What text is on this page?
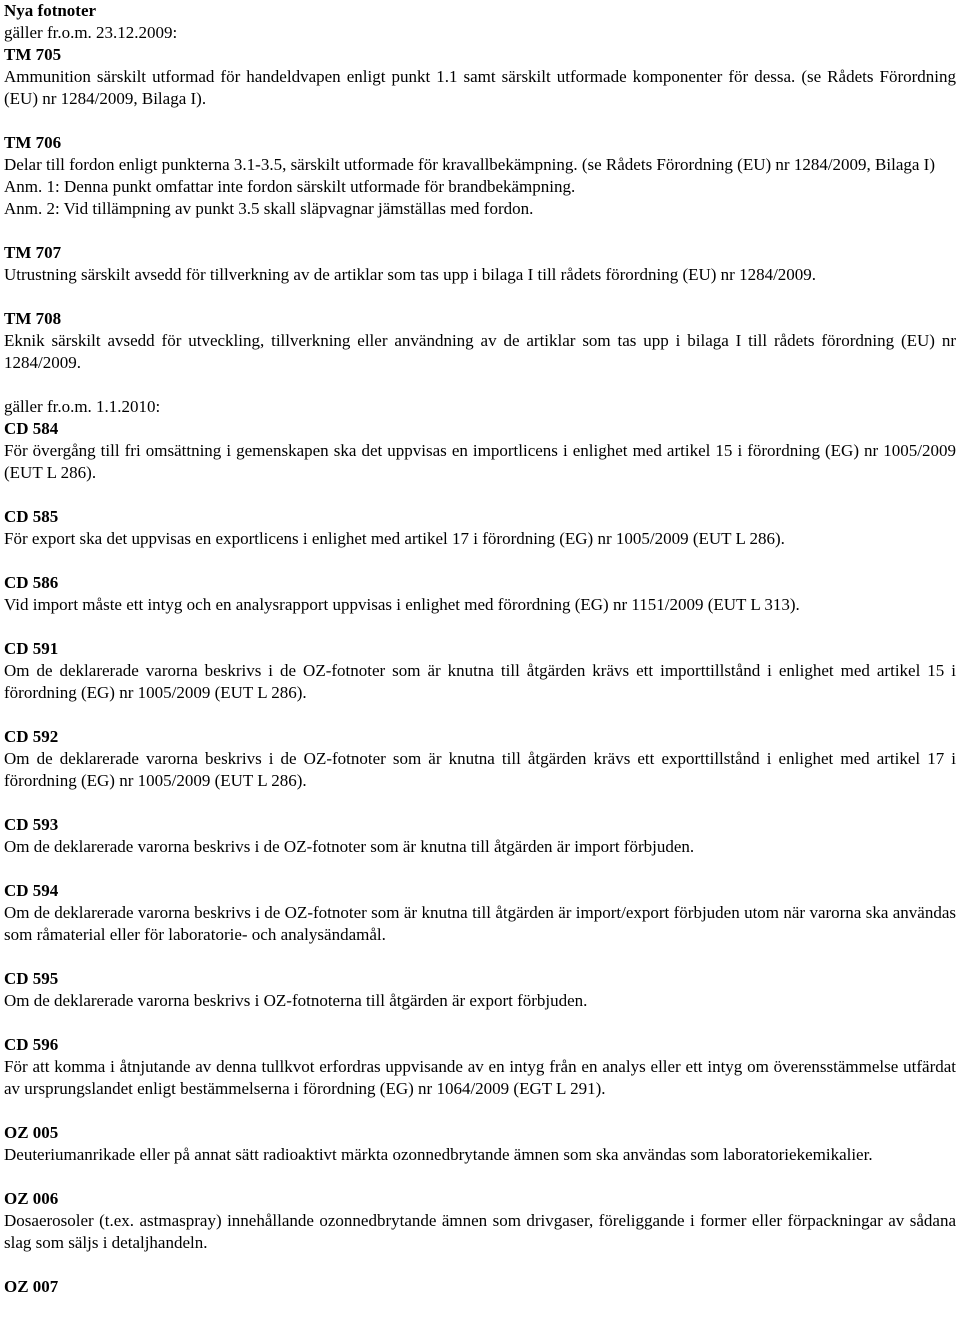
Nya fotnoter

gäller fr.o.m. 23.12.2009:

TM 705

Ammunition särskilt utformad för handeldvapen enligt punkt 1.1 samt särskilt utformade komponenter för dessa. (se Rådets Förordning (EU) nr 1284/2009, Bilaga I).

TM 706

Delar till fordon enligt punkterna 3.1-3.5, särskilt utformade för kravallbekämpning. (se Rådets Förordning (EU) nr 1284/2009, Bilaga I)

Anm. 1: Denna punkt omfattar inte fordon särskilt utformade för brandbekämpning.

Anm. 2: Vid tillämpning av punkt 3.5 skall släpvagnar jämställas med fordon.

TM 707

Utrustning särskilt avsedd för tillverkning av de artiklar som tas upp i bilaga I till rådets förordning (EU) nr 1284/2009.

TM 708

Eknik särskilt avsedd för utveckling, tillverkning eller användning av de artiklar som tas upp i bilaga I till rådets förordning (EU) nr 1284/2009.

gäller fr.o.m. 1.1.2010:

CD 584

För övergång till fri omsättning i gemenskapen ska det uppvisas en importlicens i enlighet med artikel 15 i förordning (EG) nr 1005/2009 (EUT L 286).

CD 585

För export ska det uppvisas en exportlicens i enlighet med artikel 17 i förordning (EG) nr 1005/2009 (EUT L 286).

CD 586

Vid import måste ett intyg och en analysrapport uppvisas i enlighet med förordning (EG) nr 1151/2009 (EUT L 313).

CD 591

Om de deklarerade varorna beskrivs i de OZ-fotnoter som är knutna till åtgärden krävs ett importtillstånd i enlighet med artikel 15 i förordning (EG) nr 1005/2009 (EUT L 286).

CD 592

Om de deklarerade varorna beskrivs i de OZ-fotnoter som är knutna till åtgärden krävs ett exporttillstånd i enlighet med artikel 17 i förordning (EG) nr 1005/2009 (EUT L 286).

CD 593

Om de deklarerade varorna beskrivs i de OZ-fotnoter som är knutna till åtgärden är import förbjuden.

CD 594

Om de deklarerade varorna beskrivs i de OZ-fotnoter som är knutna till åtgärden är import/export förbjuden utom när varorna ska användas som råmaterial eller för laboratorie- och analysändamål.

CD 595

Om de deklarerade varorna beskrivs i OZ-fotnoterna till åtgärden är export förbjuden.

CD 596

För att komma i åtnjutande av denna tullkvot erfordras uppvisande av en intyg från en analys eller ett intyg om överensstämmelse utfärdat av ursprungslandet enligt bestämmelserna i förordning (EG) nr 1064/2009 (EGT L 291).

OZ 005

Deuteriumanrikade eller på annat sätt radioaktivt märkta ozonnedbrytande ämnen som ska användas som laboratoriekemikalier.

OZ 006

Dosaerosoler (t.ex. astmaspray) innehållande ozonnedbrytande ämnen som drivgaser, föreliggande i former eller förpackningar av sådana slag som säljs i detaljhandeln.

OZ 007
